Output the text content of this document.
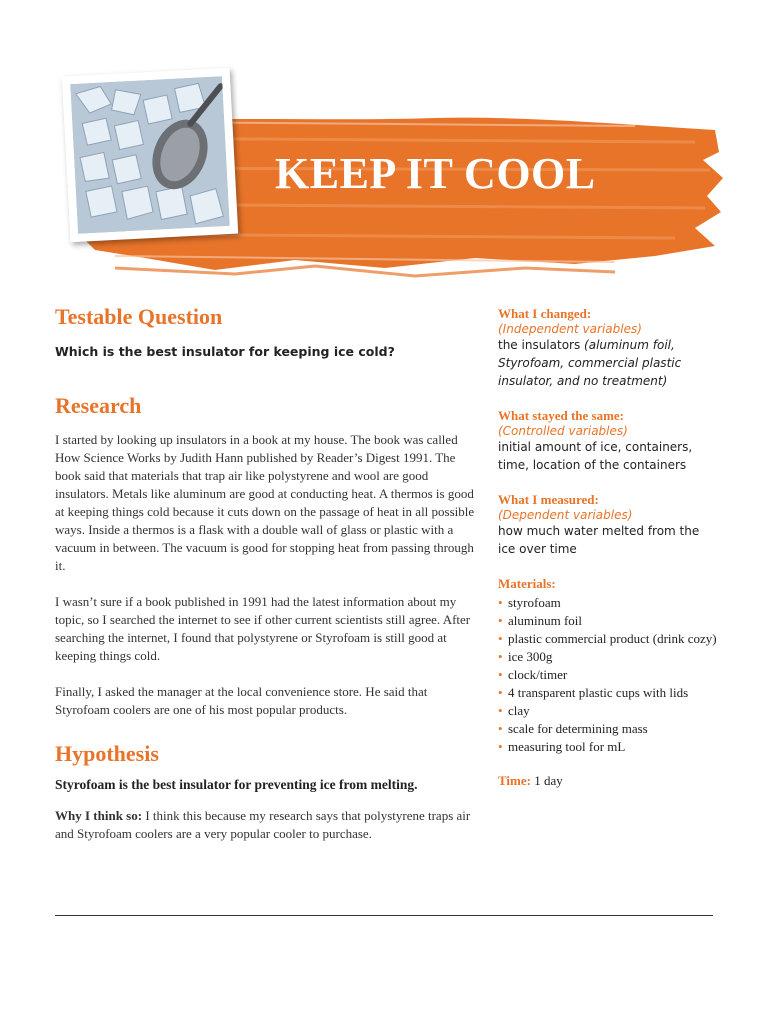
KEEP IT COOL
Testable Question

Which is the best insulator for keeping ice cold?

Research

I started by looking up insulators in a book at my house. The book was called How Science Works by Judith Hann published by Reader’s Digest 1991. The book said that materials that trap air like polystyrene and wool are good insulators. Metals like aluminum are good at conducting heat. A thermos is good at keeping things cold because it cuts down on the passage of heat in all possible ways. Inside a thermos is a flask with a double wall of glass or plastic with a vacuum in between. The vacuum is good for stopping heat from passing through it.

I wasn’t sure if a book published in 1991 had the latest information about my topic, so I searched the internet to see if other current scientists still agree. After searching the internet, I found that polystyrene or Styrofoam is still good at keeping things cold.

Finally, I asked the manager at the local convenience store. He said that Styrofoam coolers are one of his most popular products.

Hypothesis

Styrofoam is the best insulator for preventing ice from melting.

Why I think so: I think this because my research says that polystyrene traps air and Styrofoam coolers are a very popular cooler to purchase.

What I changed:

(Independent variables)

the insulators (aluminum foil, Styrofoam, commercial plastic insulator, and no treatment)

What stayed the same:

(Controlled variables)

initial amount of ice, containers, time, location of the containers

What I measured:

(Dependent variables)

how much water melted from the ice over time

Materials:

• styrofoam
• aluminum foil
• plastic commercial product (drink cozy)
• ice 300g
• clock/timer
• 4 transparent plastic cups with lids
• clay
• scale for determining mass
• measuring tool for mL

Time: 1 day
